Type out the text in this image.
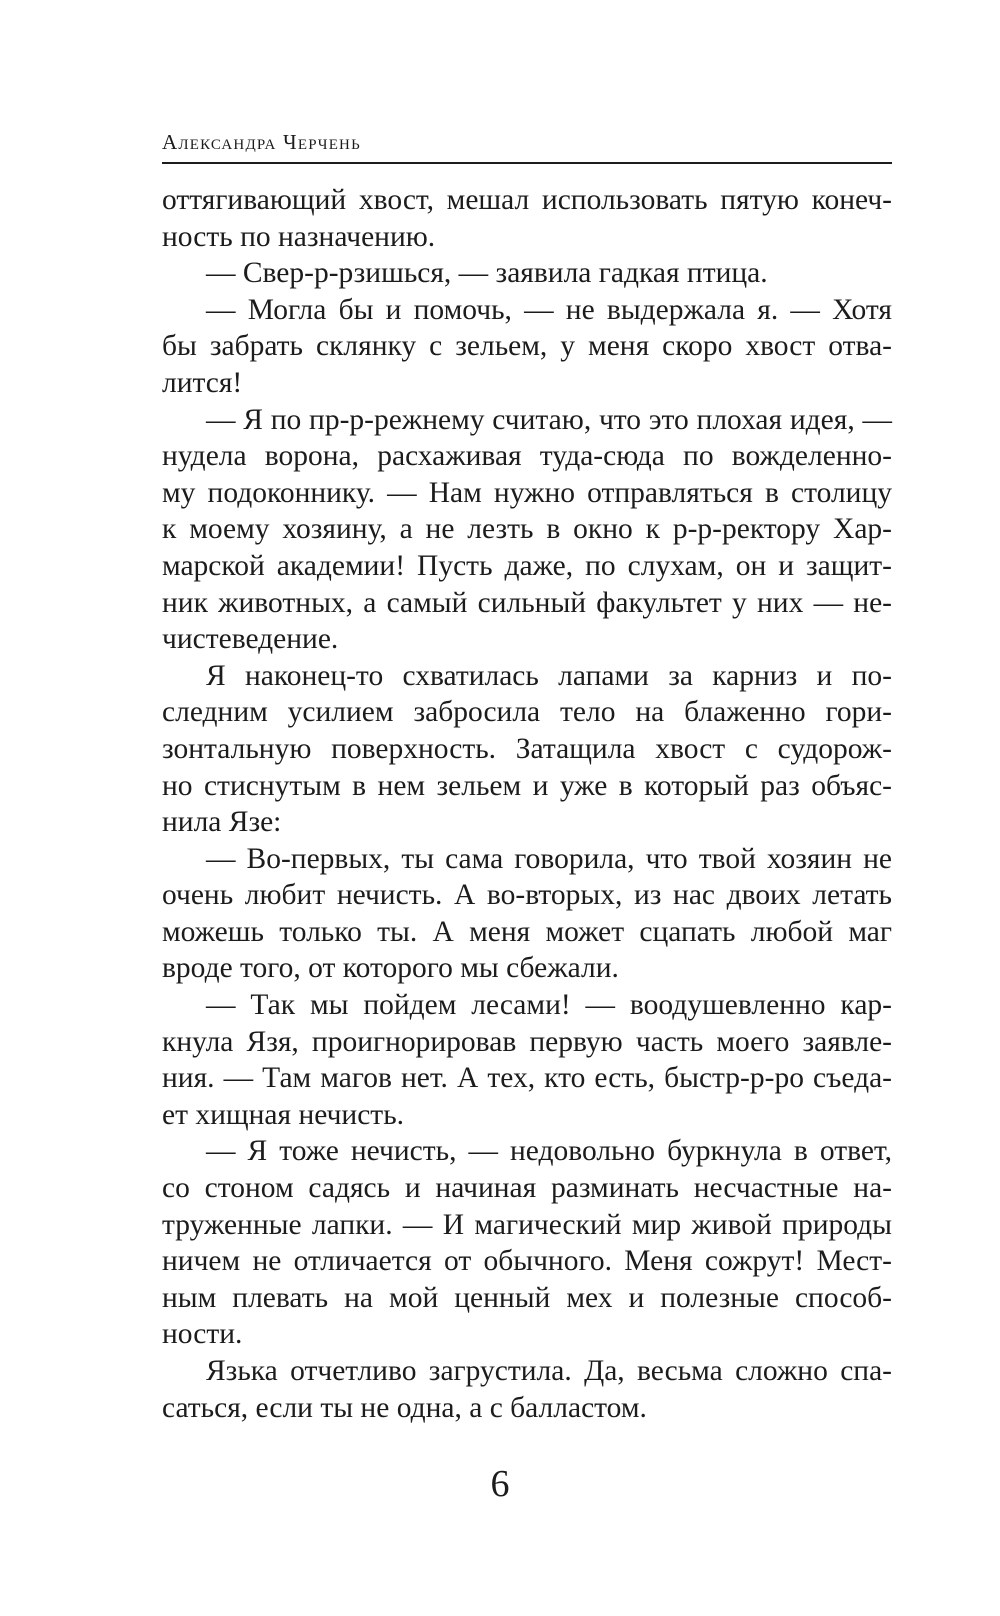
Александра Черчень
оттягивающий хвост, мешал использовать пятую конеч-
ность по назначению.
— Свер-р-рзишься, — заявила гадкая птица.
— Могла бы и помочь, — не выдержала я. — Хотя
бы забрать склянку с зельем, у меня скоро хвост отва-
лится!
— Я по пр-р-режнему считаю, что это плохая идея, —
нудела ворона, расхаживая туда-сюда по вожделенно-
му подоконнику. — Нам нужно отправляться в столицу
к моему хозяину, а не лезть в окно к р-р-ректору Хар-
марской академии! Пусть даже, по слухам, он и защит-
ник животных, а самый сильный факультет у них — не-
чистеведение.
Я наконец-то схватилась лапами за карниз и по-
следним усилием забросила тело на блаженно гори-
зонтальную поверхность. Затащила хвост с судорож-
но стиснутым в нем зельем и уже в который раз объяс-
нила Язе:
— Во-первых, ты сама говорила, что твой хозяин не
очень любит нечисть. А во-вторых, из нас двоих летать
можешь только ты. А меня может сцапать любой маг
вроде того, от которого мы сбежали.
— Так мы пойдем лесами! — воодушевленно кар-
кнула Язя, проигнорировав первую часть моего заявле-
ния. — Там магов нет. А тех, кто есть, быстр-р-ро съеда-
ет хищная нечисть.
— Я тоже нечисть, — недовольно буркнула в ответ,
со стоном садясь и начиная разминать несчастные на-
труженные лапки. — И магический мир живой природы
ничем не отличается от обычного. Меня сожрут! Мест-
ным плевать на мой ценный мех и полезные способ-
ности.
Язька отчетливо загрустила. Да, весьма сложно спа-
саться, если ты не одна, а с балластом.
6
